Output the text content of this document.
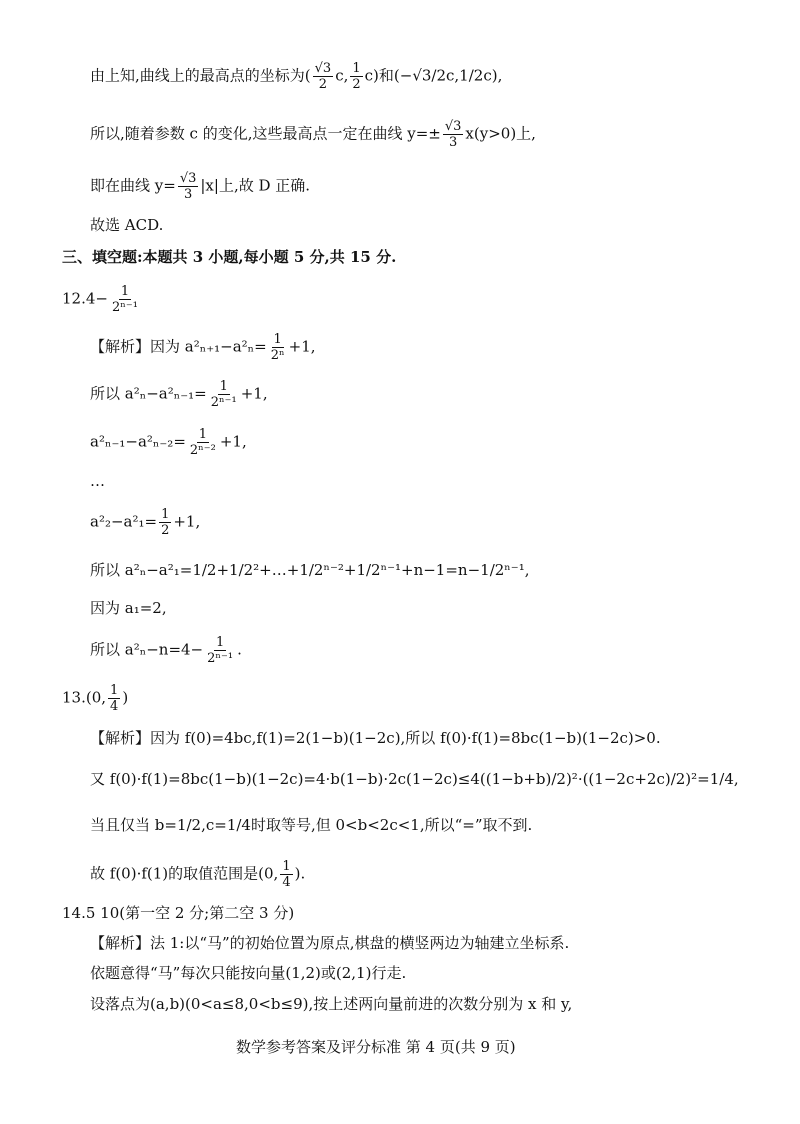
由上知,曲线上的最高点的坐标为( $\frac{√3}{2} c$, $\frac{1}{2} c$)和(−√3/2c,1/2c),
所以,随着参数 c 的变化,这些最高点一定在曲线 $y=\pm \frac{√3}{3} x(y>0)$上,
即在曲线 $y= \frac{√3}{3} |x|$上,故 D 正确.
故选 ACD.
三、填空题:本题共 3 小题,每小题 5 分,共 15 分.
$12.4- \frac{1}{\text{2ⁿ⁻¹}}$
【解析】因为 $a^2_{n+1}-a^2_n= \frac{1}{\text{2ⁿ}} +1$,
所以 $a^2_n-a^2_{n-1}= \frac{1}{\text{2ⁿ⁻¹}} +1$,
$a^2_{n-1}-a^2_{n-2}= \frac{1}{\text{2ⁿ⁻²}} +1$,
…
$a^2_2-a^2_1= \frac{1}{2} +1$,
所以 a²ₙ−a²₁=1/2+1/2²+…+1/2ⁿ⁻²+1/2ⁿ⁻¹+n−1=n−1/2ⁿ⁻¹,
因为 a₁=2,
所以 $a^2_n-n=4- \frac{1}{\text{2ⁿ⁻¹}}$ .
13.(0, $\frac{1}{4}$ )
【解析】因为 f(0)=4bc,f(1)=2(1−b)(1−2c),所以 f(0)·f(1)=8bc(1−b)(1−2c)>0.
又 f(0)·f(1)=8bc(1−b)(1−2c)=4·b(1−b)·2c(1−2c)≤4((1−b+b)/2)²·((1−2c+2c)/2)²=1/4,
当且仅当 b=1/2,c=1/4时取等号,但 0<b<2c<1,所以“=”取不到.
故 f(0)·f(1)的取值范围是(0, $\frac{1}{4}$ ).
14.5 10(第一空 2 分;第二空 3 分)
【解析】法 1:以“马”的初始位置为原点,棋盘的横竖两边为轴建立坐标系.
依题意得“马”每次只能按向量(1,2)或(2,1)行走.
设落点为(a,b)(0<a≤8,0<b≤9),按上述两向量前进的次数分别为 x 和 y,
数学参考答案及评分标准 第 4 页(共 9 页)
